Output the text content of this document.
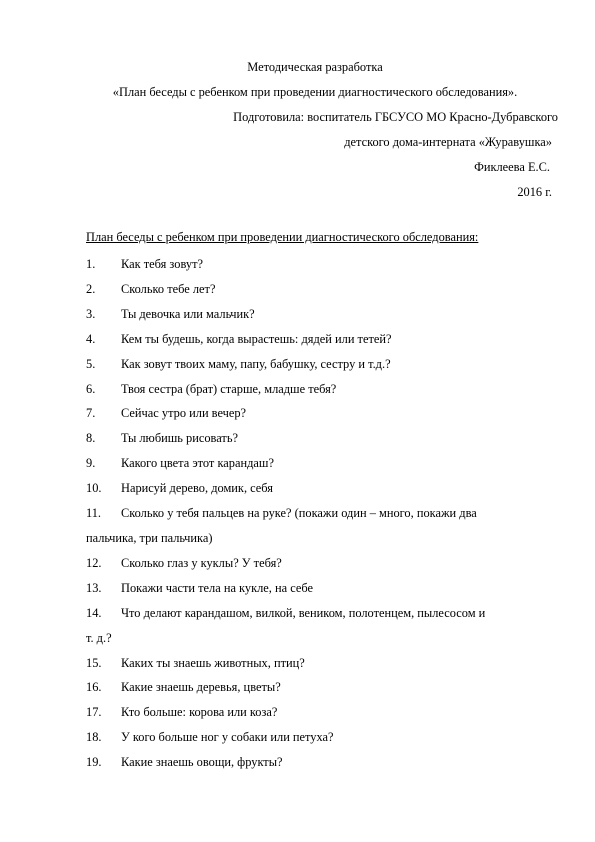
Методическая разработка
«План беседы с ребенком при проведении диагностического обследования».
Подготовила: воспитатель ГБСУСО МО Красно-Дубравского
детского дома-интерната «Журавушка»
Фиклеева Е.С.
2016 г.
План беседы с ребенком при проведении диагностического обследования:
1.	Как тебя зовут?
2.	Сколько тебе лет?
3.	Ты девочка или мальчик?
4.	Кем ты будешь, когда вырастешь: дядей или тетей?
5.	Как зовут твоих маму, папу, бабушку, сестру и т.д.?
6.	Твоя сестра (брат) старше, младше тебя?
7.	Сейчас утро или вечер?
8.	Ты любишь рисовать?
9.	Какого цвета этот карандаш?
10.	Нарисуй дерево, домик, себя
11.	Сколько у тебя пальцев на руке? (покажи один – много, покажи два
пальчика, три пальчика)
12.	Сколько глаз у куклы? У тебя?
13.	Покажи части тела на кукле, на себе
14.	Что делают карандашом, вилкой, веником, полотенцем, пылесосом и
т. д.?
15.	Каких ты знаешь животных, птиц?
16.	Какие знаешь деревья, цветы?
17.	Кто больше: корова или коза?
18.	У кого больше ног у собаки или петуха?
19.	Какие знаешь овощи, фрукты?
